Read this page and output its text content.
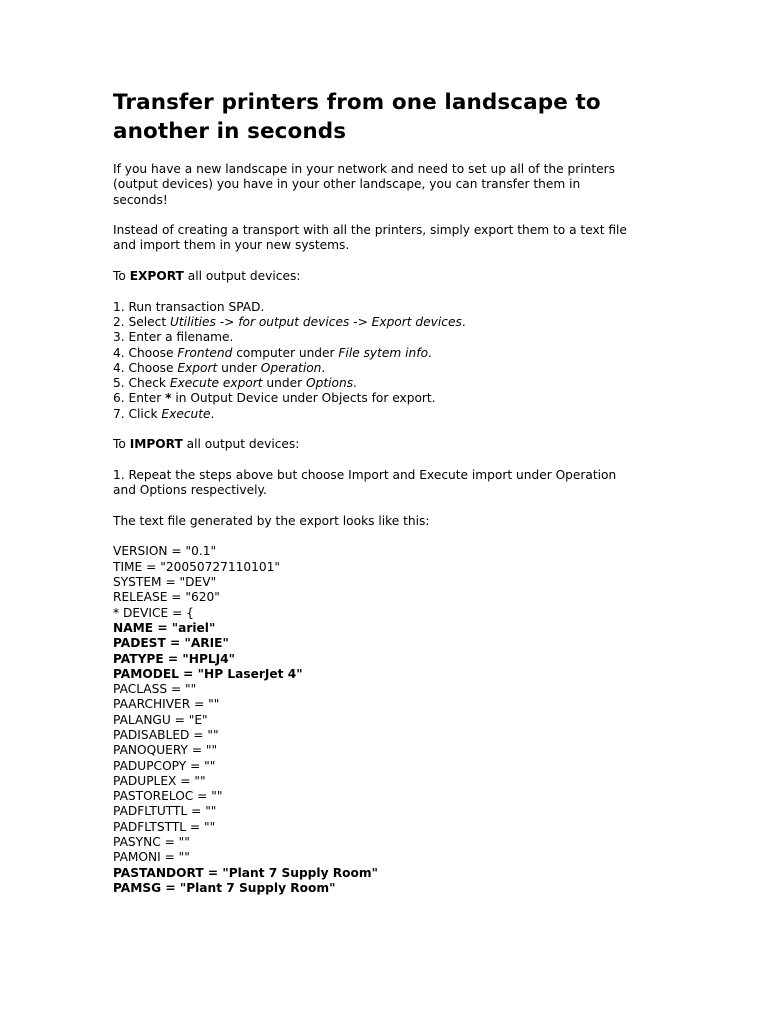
Transfer printers from one landscape to
another in seconds

If you have a new landscape in your network and need to set up all of the printers
(output devices) you have in your other landscape, you can transfer them in
seconds!

Instead of creating a transport with all the printers, simply export them to a text file
and import them in your new systems.

To EXPORT all output devices:

1. Run transaction SPAD.
2. Select Utilities -> for output devices -> Export devices.
3. Enter a filename.
4. Choose Frontend computer under File sytem info.
4. Choose Export under Operation.
5. Check Execute export under Options.
6. Enter * in Output Device under Objects for export.
7. Click Execute.

To IMPORT all output devices:

1. Repeat the steps above but choose Import and Execute import under Operation
and Options respectively.

The text file generated by the export looks like this:

VERSION = "0.1"
TIME = "20050727110101"
SYSTEM = "DEV"
RELEASE = "620"
* DEVICE = {
NAME = "ariel"
PADEST = "ARIE"
PATYPE = "HPLJ4"
PAMODEL = "HP LaserJet 4"
PACLASS = ""
PAARCHIVER = ""
PALANGU = "E"
PADISABLED = ""
PANOQUERY = ""
PADUPCOPY = ""
PADUPLEX = ""
PASTORELOC = ""
PADFLTUTTL = ""
PADFLTSTTL = ""
PASYNC = ""
PAMONI = ""
PASTANDORT = "Plant 7 Supply Room"
PAMSG = "Plant 7 Supply Room"
